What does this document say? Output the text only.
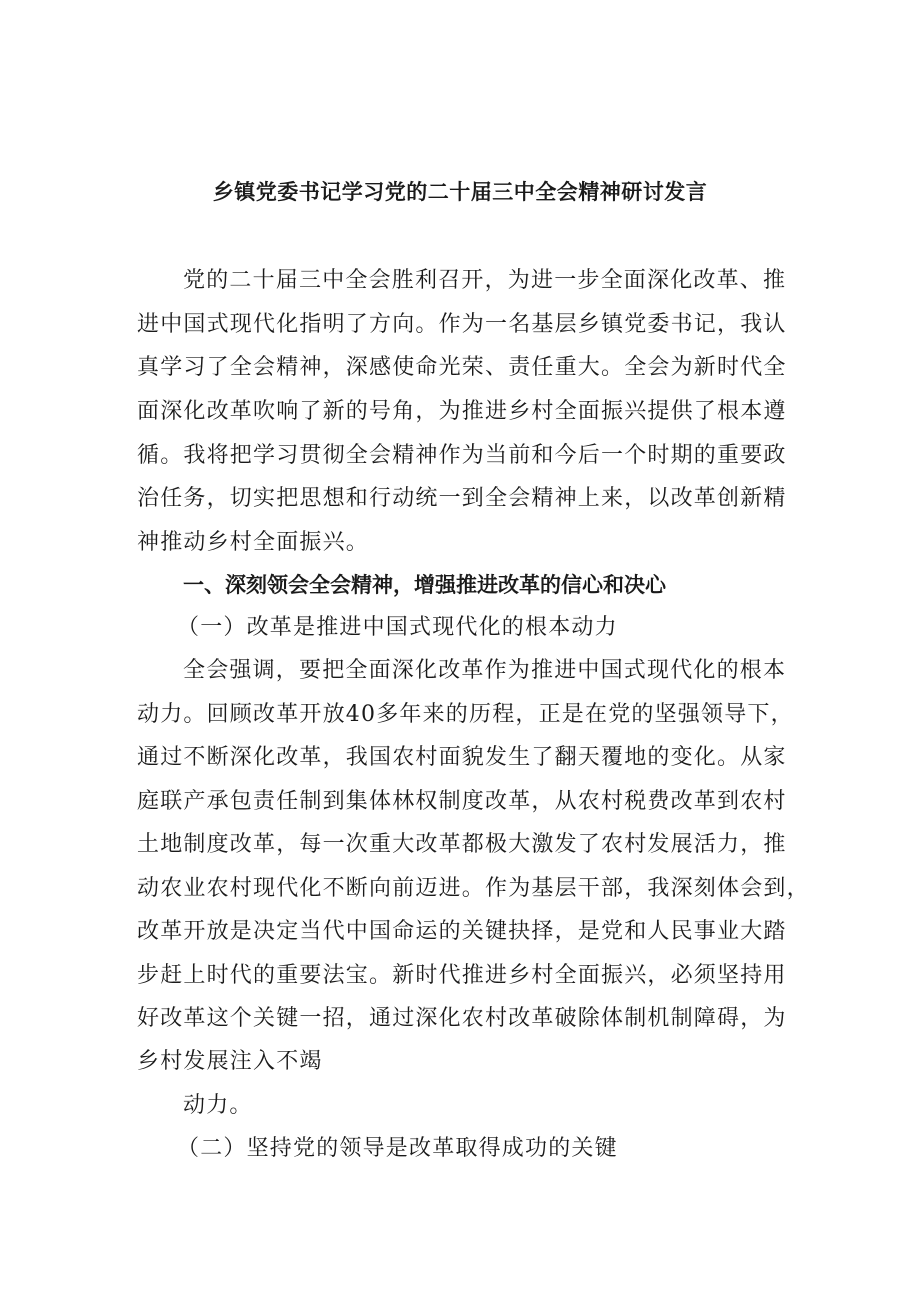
乡镇党委书记学习党的二十届三中全会精神研讨发言
党的二十届三中全会胜利召开，为进一步全面深化改革、推
进中国式现代化指明了方向。作为一名基层乡镇党委书记，我认
真学习了全会精神，深感使命光荣、责任重大。全会为新时代全
面深化改革吹响了新的号角，为推进乡村全面振兴提供了根本遵
循。我将把学习贯彻全会精神作为当前和今后一个时期的重要政
治任务，切实把思想和行动统一到全会精神上来，以改革创新精
神推动乡村全面振兴。
一、深刻领会全会精神，增强推进改革的信心和决心
（一）改革是推进中国式现代化的根本动力
全会强调，要把全面深化改革作为推进中国式现代化的根本
动力。回顾改革开放40多年来的历程，正是在党的坚强领导下，
通过不断深化改革，我国农村面貌发生了翻天覆地的变化。从家
庭联产承包责任制到集体林权制度改革，从农村税费改革到农村
土地制度改革，每一次重大改革都极大激发了农村发展活力，推
动农业农村现代化不断向前迈进。作为基层干部，我深刻体会到，
改革开放是决定当代中国命运的关键抉择，是党和人民事业大踏
步赶上时代的重要法宝。新时代推进乡村全面振兴，必须坚持用
好改革这个关键一招，通过深化农村改革破除体制机制障碍，为
乡村发展注入不竭
动力。
（二）坚持党的领导是改革取得成功的关键
